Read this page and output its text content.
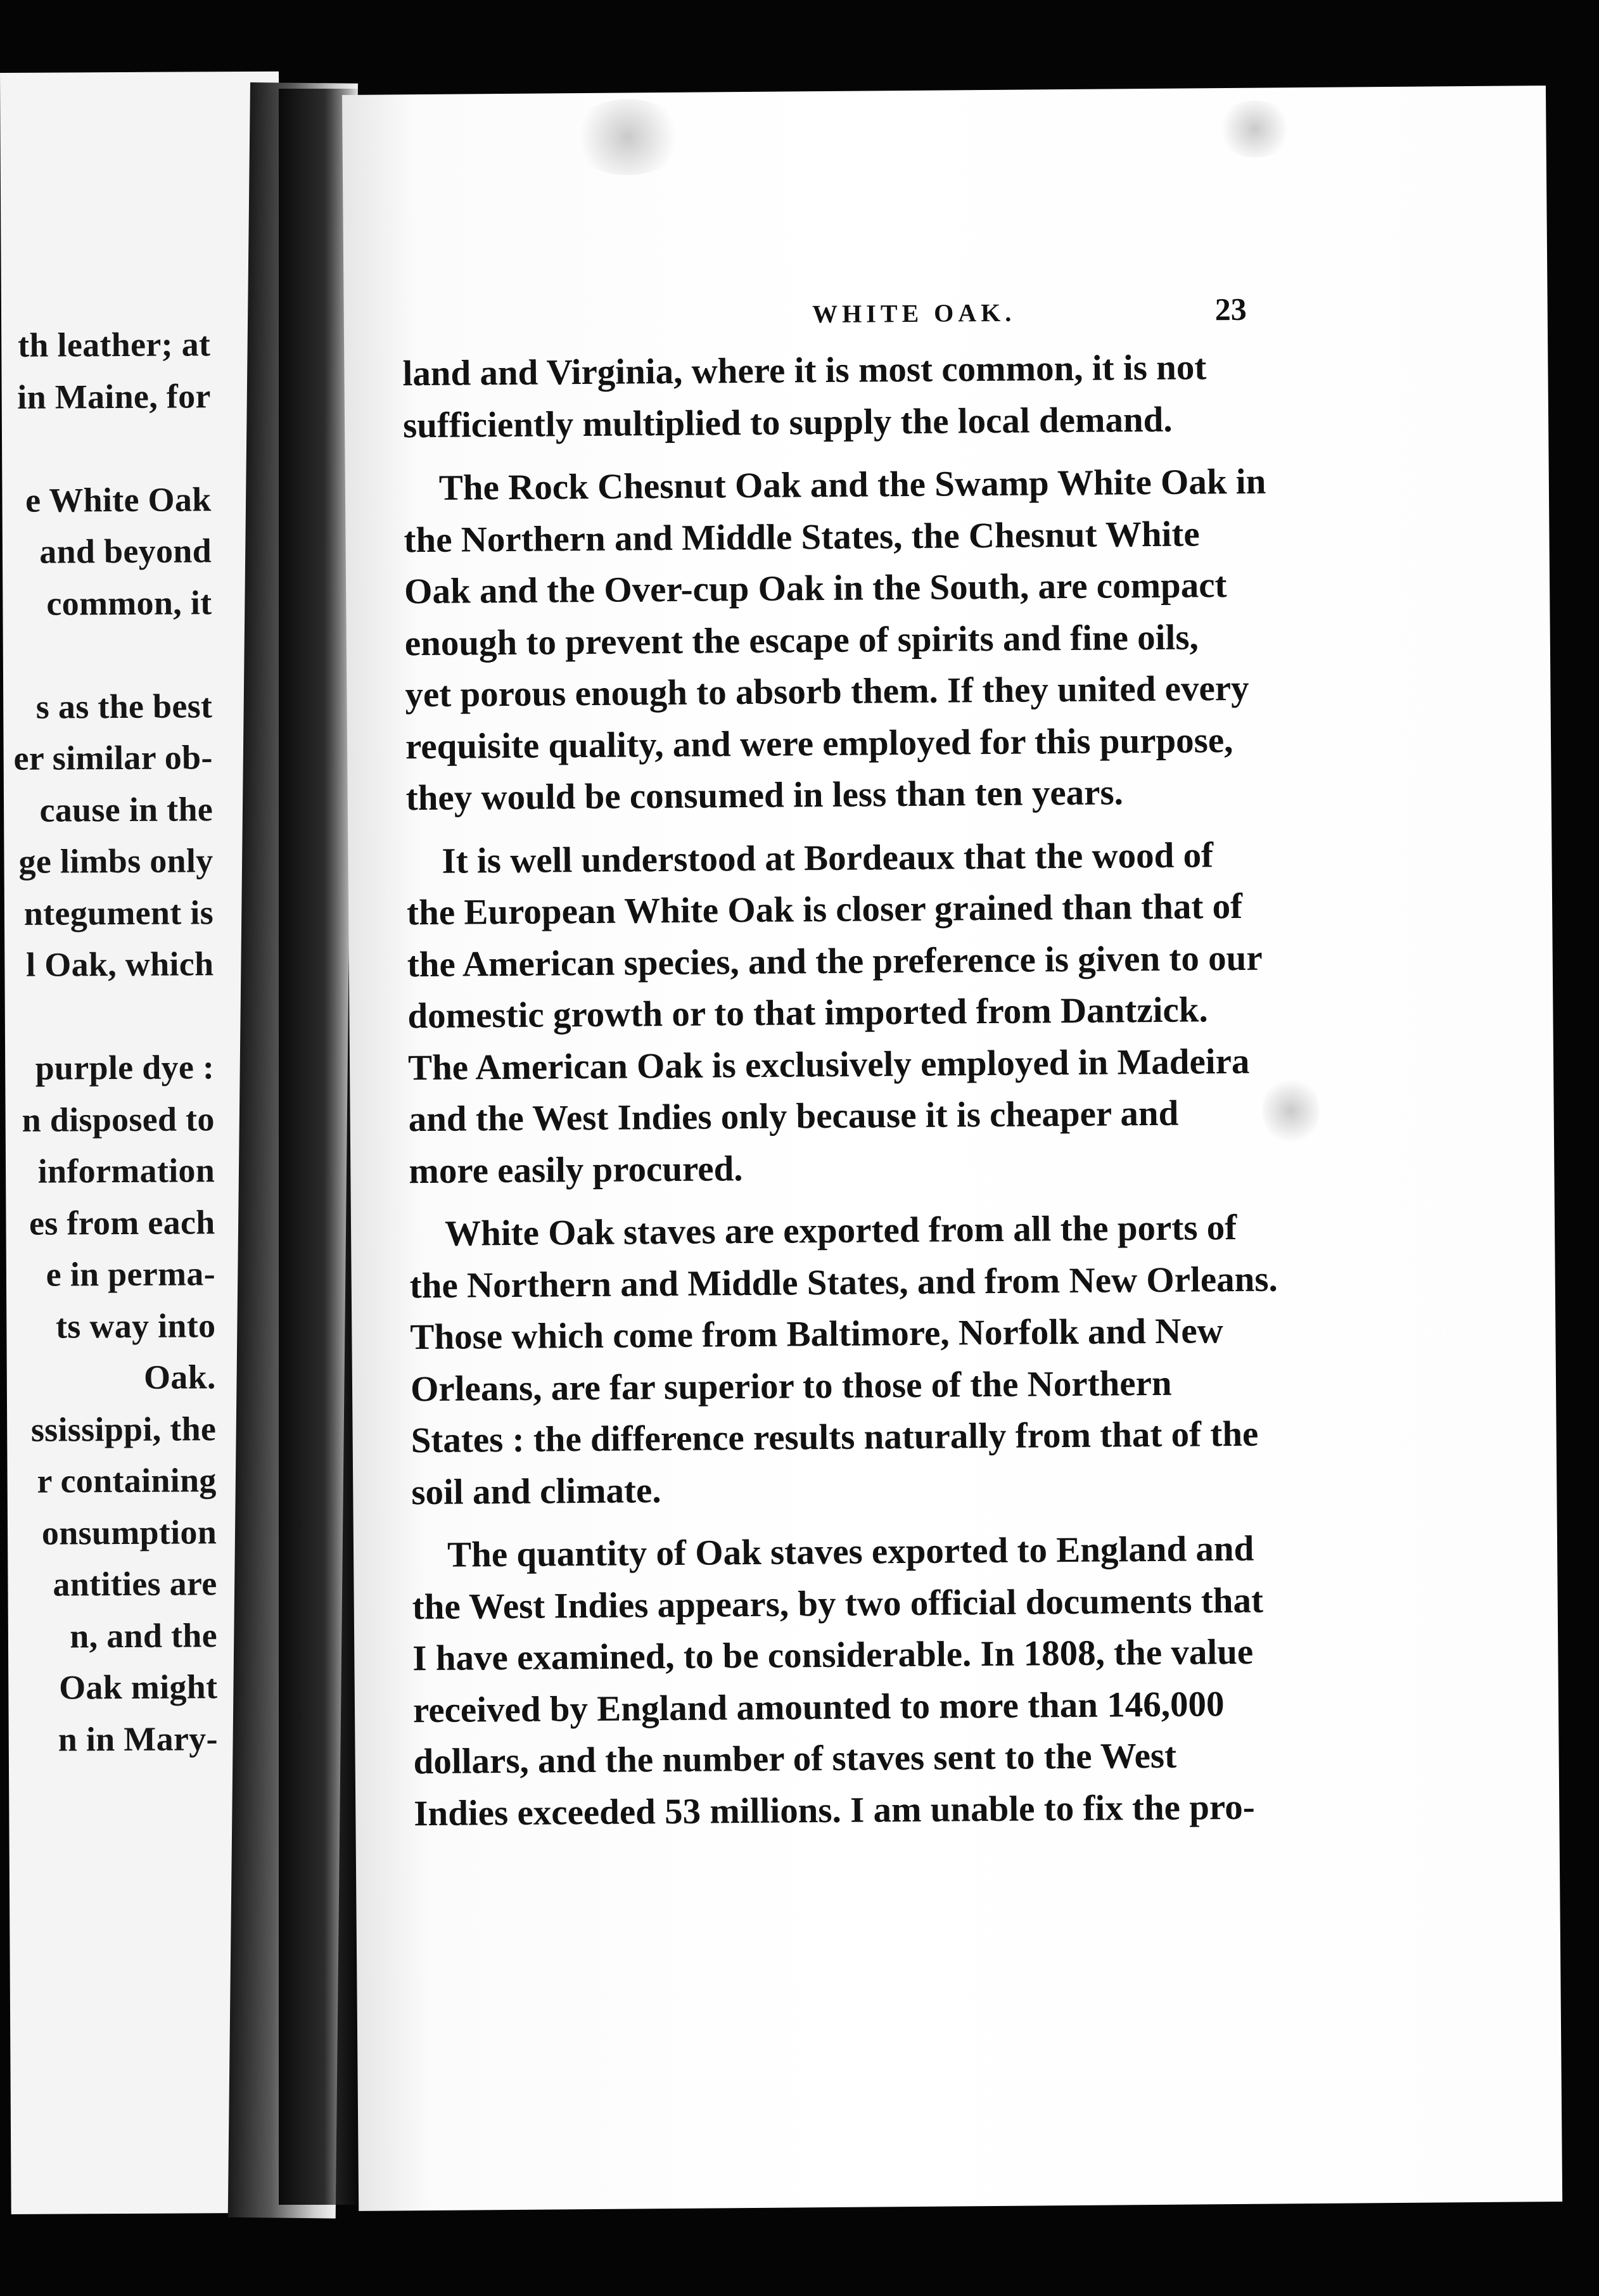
th leather; at
in Maine, for

e White Oak
and beyond
common, it

s as the best
er similar ob-
cause in the
ge limbs only
ntegument is
l Oak, which

purple dye :
n disposed to
information
es from each
e in perma-
ts way into
Oak.
ssissippi, the
r containing
onsumption
antities are
n, and the
Oak might
n in Mary-
WHITE OAK.	23

land and Virginia, where it is most common, it is not
sufficiently multiplied to supply the local demand.

The Rock Chesnut Oak and the Swamp White Oak in
the Northern and Middle States, the Chesnut White
Oak and the Over-cup Oak in the South, are compact
enough to prevent the escape of spirits and fine oils,
yet porous enough to absorb them. If they united every
requisite quality, and were employed for this purpose,
they would be consumed in less than ten years.

It is well understood at Bordeaux that the wood of
the European White Oak is closer grained than that of
the American species, and the preference is given to our
domestic growth or to that imported from Dantzick.
The American Oak is exclusively employed in Madeira
and the West Indies only because it is cheaper and
more easily procured.

White Oak staves are exported from all the ports of
the Northern and Middle States, and from New Orleans.
Those which come from Baltimore, Norfolk and New
Orleans, are far superior to those of the Northern
States : the difference results naturally from that of the
soil and climate.

The quantity of Oak staves exported to England and
the West Indies appears, by two official documents that
I have examined, to be considerable. In 1808, the value
received by England amounted to more than 146,000
dollars, and the number of staves sent to the West
Indies exceeded 53 millions. I am unable to fix the pro-
